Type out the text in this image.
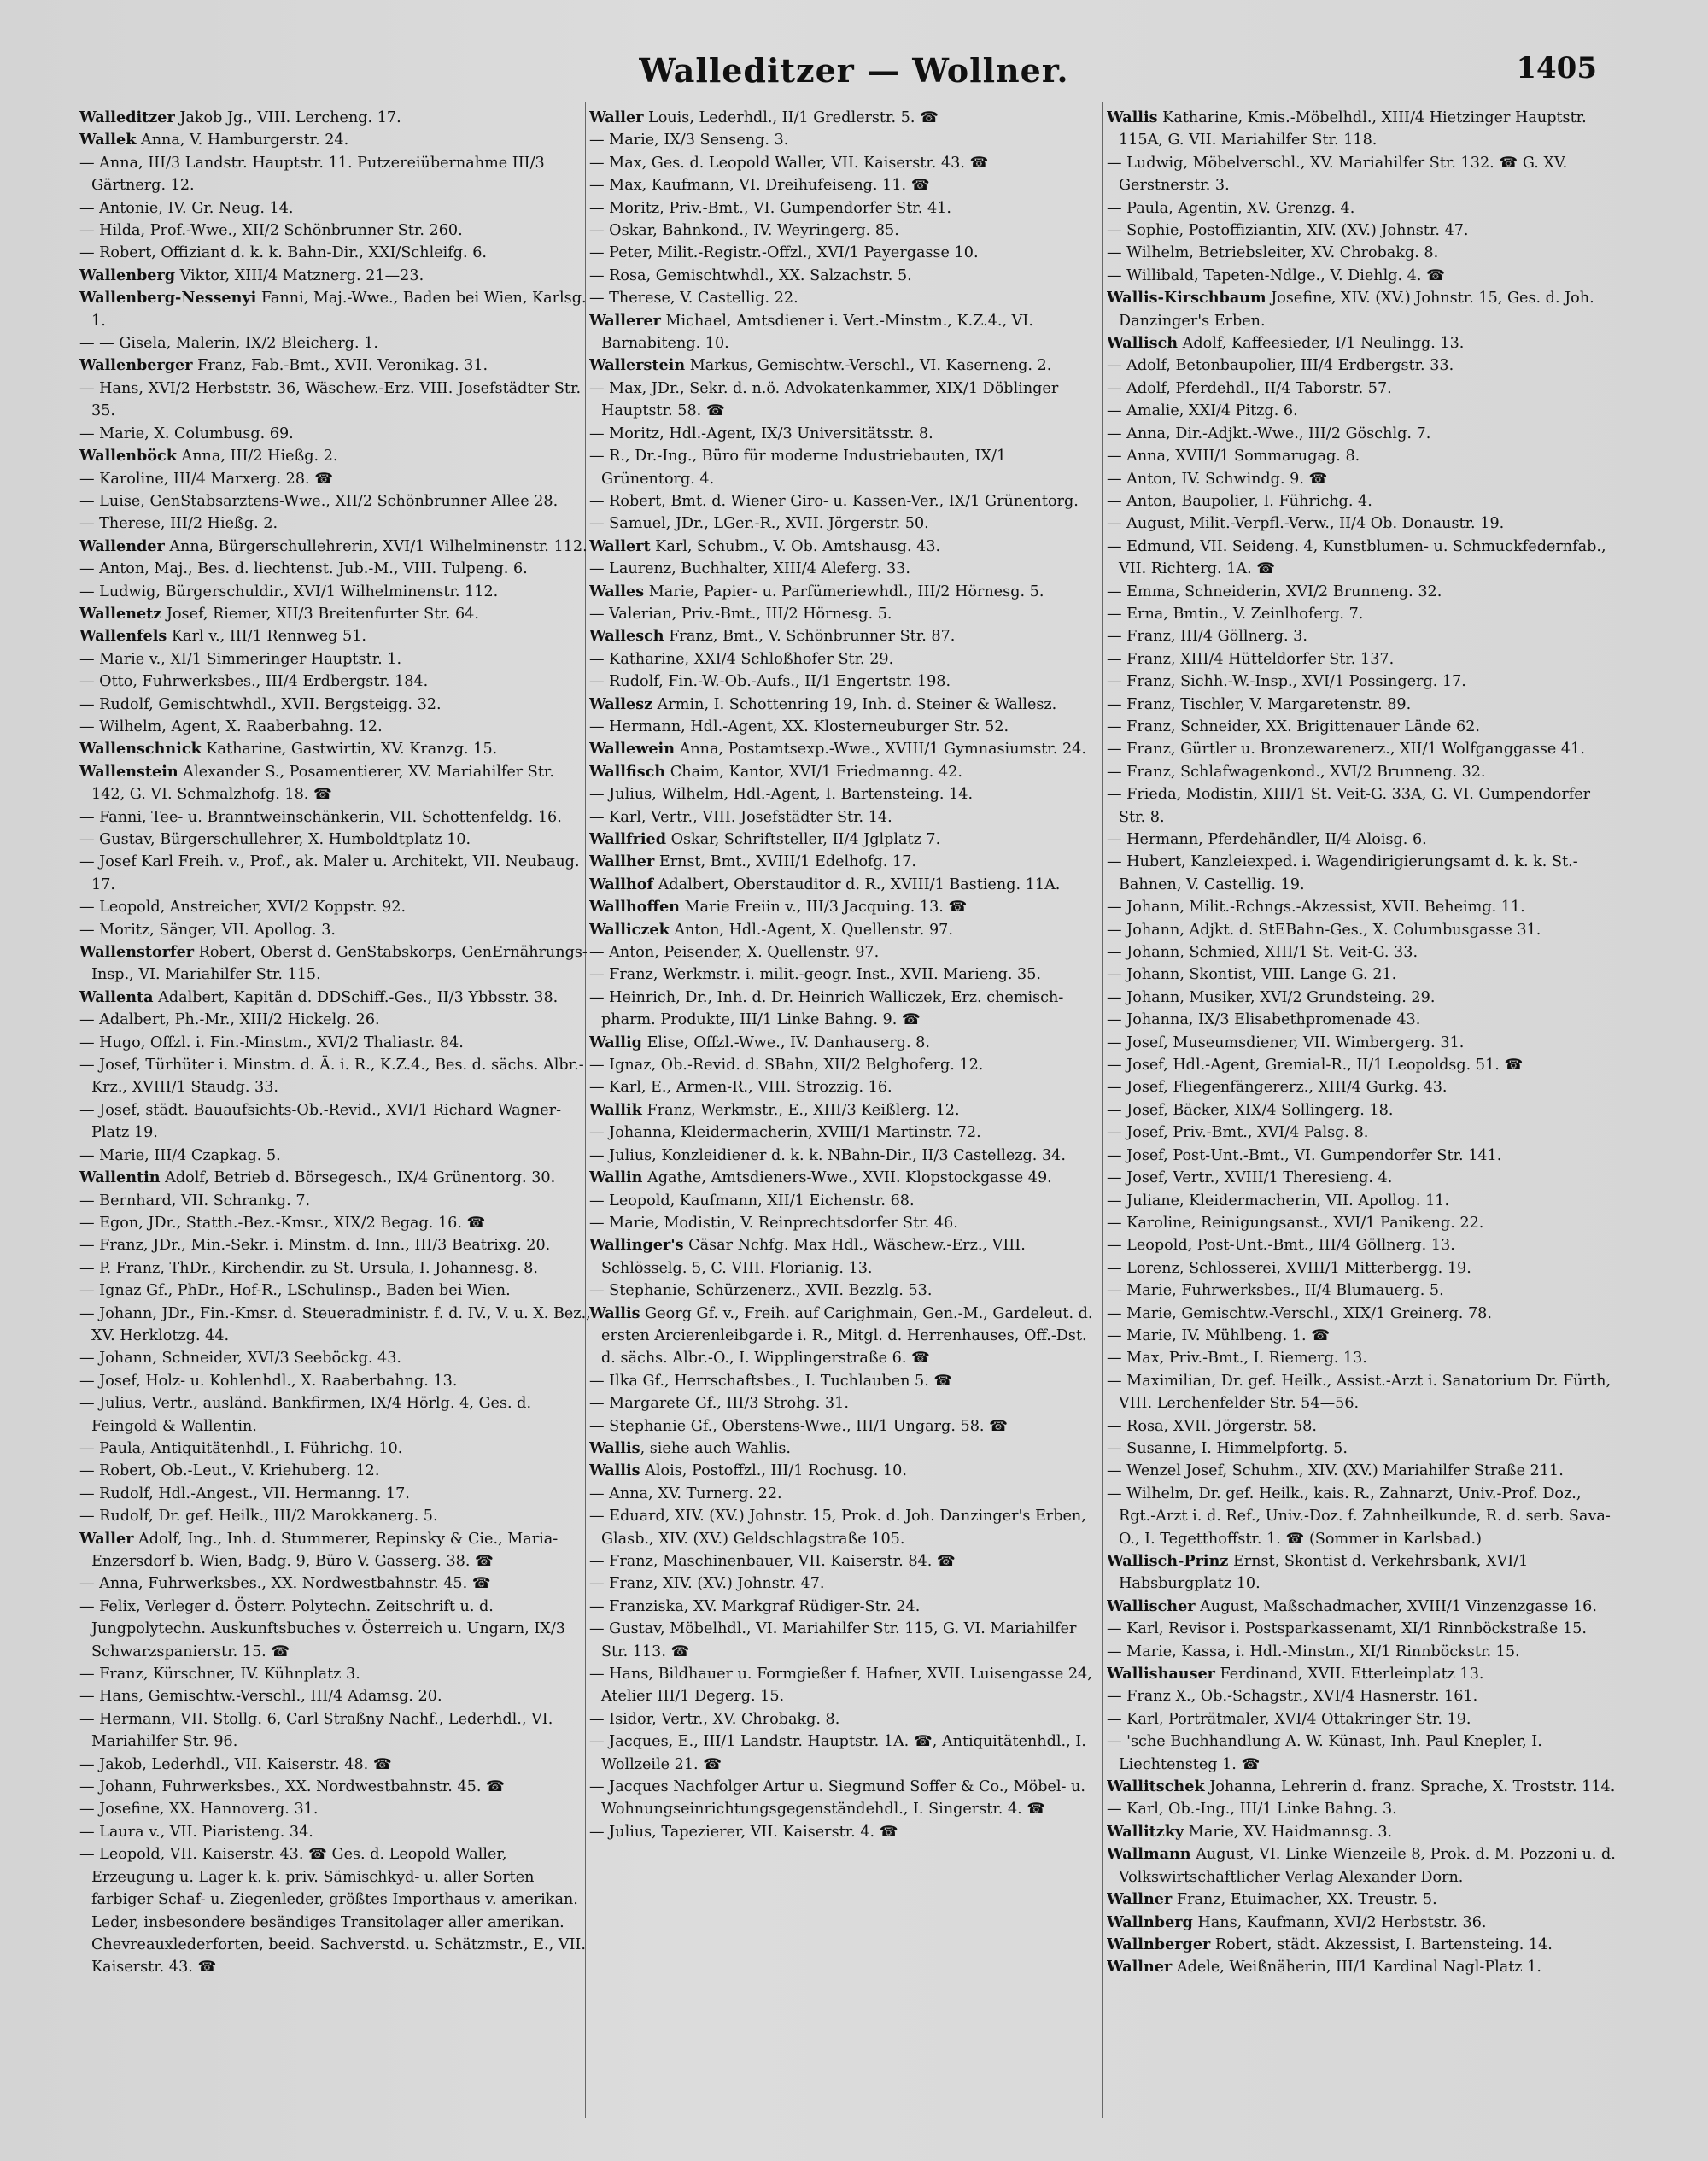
Walleditzer — Wollner.	1405

Walleditzer Jakob Jg., VIII. Lercheng. 17.

Wallek Anna, V. Hamburgerstr. 24.

— Anna, III/3 Landstr. Hauptstr. 11. Putzereiübernahme III/3 Gärtnerg. 12.

— Antonie, IV. Gr. Neug. 14.

— Hilda, Prof.-Wwe., XII/2 Schönbrunner Str. 260.

— Robert, Offiziant d. k. k. Bahn-Dir., XXI/Schleifg. 6.

Wallenberg Viktor, XIII/4 Matznerg. 21—23.

Wallenberg-Nessenyi Fanni, Maj.-Wwe., Baden bei Wien, Karlsg. 1.

— — Gisela, Malerin, IX/2 Bleicherg. 1.

Wallenberger Franz, Fab.-Bmt., XVII. Veronikag. 31.

— Hans, XVI/2 Herbststr. 36, Wäschew.-Erz. VIII. Josefstädter Str. 35.

— Marie, X. Columbusg. 69.

Wallenböck Anna, III/2 Hießg. 2.

— Karoline, III/4 Marxerg. 28. ☎

— Luise, GenStabsarztens-Wwe., XII/2 Schönbrunner Allee 28.

— Therese, III/2 Hießg. 2.

Wallender Anna, Bürgerschullehrerin, XVI/1 Wilhelminenstr. 112.

— Anton, Maj., Bes. d. liechtenst. Jub.-M., VIII. Tulpeng. 6.

— Ludwig, Bürgerschuldir., XVI/1 Wilhelminenstr. 112.

Wallenetz Josef, Riemer, XII/3 Breitenfurter Str. 64.

Wallenfels Karl v., III/1 Rennweg 51.

— Marie v., XI/1 Simmeringer Hauptstr. 1.

— Otto, Fuhrwerksbes., III/4 Erdbergstr. 184.

— Rudolf, Gemischtwhdl., XVII. Bergsteigg. 32.

— Wilhelm, Agent, X. Raaberbahng. 12.

Wallenschnick Katharine, Gastwirtin, XV. Kranzg. 15.

Wallenstein Alexander S., Posamentierer, XV. Mariahilfer Str. 142, G. VI. Schmalzhofg. 18. ☎

— Fanni, Tee- u. Branntweinschänkerin, VII. Schottenfeldg. 16.

— Gustav, Bürgerschullehrer, X. Humboldtplatz 10.

— Josef Karl Freih. v., Prof., ak. Maler u. Architekt, VII. Neubaug. 17.

— Leopold, Anstreicher, XVI/2 Koppstr. 92.

— Moritz, Sänger, VII. Apollog. 3.

Wallenstorfer Robert, Oberst d. GenStabskorps, GenErnährungs-Insp., VI. Mariahilfer Str. 115.

Wallenta Adalbert, Kapitän d. DDSchiff.-Ges., II/3 Ybbsstr. 38.

— Adalbert, Ph.-Mr., XIII/2 Hickelg. 26.

— Hugo, Offzl. i. Fin.-Minstm., XVI/2 Thaliastr. 84.

— Josef, Türhüter i. Minstm. d. Ä. i. R., K.Z.4., Bes. d. sächs. Albr.-Krz., XVIII/1 Staudg. 33.

— Josef, städt. Bauaufsichts-Ob.-Revid., XVI/1 Richard Wagner-Platz 19.

— Marie, III/4 Czapkag. 5.

Wallentin Adolf, Betrieb d. Börsegesch., IX/4 Grünentorg. 30.

— Bernhard, VII. Schrankg. 7.

— Egon, JDr., Statth.-Bez.-Kmsr., XIX/2 Begag. 16. ☎

— Franz, JDr., Min.-Sekr. i. Minstm. d. Inn., III/3 Beatrixg. 20.

— P. Franz, ThDr., Kirchendir. zu St. Ursula, I. Johannesg. 8.

— Ignaz Gf., PhDr., Hof-R., LSchulinsp., Baden bei Wien.

— Johann, JDr., Fin.-Kmsr. d. Steueradministr. f. d. IV., V. u. X. Bez., XV. Herklotzg. 44.

— Johann, Schneider, XVI/3 Seeböckg. 43.

— Josef, Holz- u. Kohlenhdl., X. Raaberbahng. 13.

— Julius, Vertr., ausländ. Bankfirmen, IX/4 Hörlg. 4, Ges. d. Feingold & Wallentin.

— Paula, Antiquitätenhdl., I. Führichg. 10.

— Robert, Ob.-Leut., V. Kriehuberg. 12.

— Rudolf, Hdl.-Angest., VII. Hermanng. 17.

— Rudolf, Dr. gef. Heilk., III/2 Marokkanerg. 5.

Waller Adolf, Ing., Inh. d. Stummerer, Repinsky & Cie., Maria-Enzersdorf b. Wien, Badg. 9, Büro V. Gasserg. 38. ☎

— Anna, Fuhrwerksbes., XX. Nordwestbahnstr. 45. ☎

— Felix, Verleger d. Österr. Polytechn. Zeitschrift u. d. Jungpolytechn. Auskunftsbuches v. Österreich u. Ungarn, IX/3 Schwarzspanierstr. 15. ☎

— Franz, Kürschner, IV. Kühnplatz 3.

— Hans, Gemischtw.-Verschl., III/4 Adamsg. 20.

— Hermann, VII. Stollg. 6, Carl Straßny Nachf., Lederhdl., VI. Mariahilfer Str. 96.

— Jakob, Lederhdl., VII. Kaiserstr. 48. ☎

— Johann, Fuhrwerksbes., XX. Nordwestbahnstr. 45. ☎

— Josefine, XX. Hannoverg. 31.

— Laura v., VII. Piaristeng. 34.

— Leopold, VII. Kaiserstr. 43. ☎ Ges. d. Leopold Waller, Erzeugung u. Lager k. k. priv. Sämischkyd- u. aller Sorten farbiger Schaf- u. Ziegenleder, größtes Importhaus v. amerikan. Leder, insbesondere besändiges Transitolager aller amerikan. Chevreauxlederforten, beeid. Sachverstd. u. Schätzmstr., E., VII. Kaiserstr. 43. ☎

Waller Louis, Lederhdl., II/1 Gredlerstr. 5. ☎

— Marie, IX/3 Senseng. 3.

— Max, Ges. d. Leopold Waller, VII. Kaiserstr. 43. ☎

— Max, Kaufmann, VI. Dreihufeiseng. 11. ☎

— Moritz, Priv.-Bmt., VI. Gumpendorfer Str. 41.

— Oskar, Bahnkond., IV. Weyringerg. 85.

— Peter, Milit.-Registr.-Offzl., XVI/1 Payergasse 10.

— Rosa, Gemischtwhdl., XX. Salzachstr. 5.

— Therese, V. Castellig. 22.

Wallerer Michael, Amtsdiener i. Vert.-Minstm., K.Z.4., VI. Barnabiteng. 10.

Wallerstein Markus, Gemischtw.-Verschl., VI. Kaserneng. 2.

— Max, JDr., Sekr. d. n.ö. Advokatenkammer, XIX/1 Döblinger Hauptstr. 58. ☎

— Moritz, Hdl.-Agent, IX/3 Universitätsstr. 8.

— R., Dr.-Ing., Büro für moderne Industriebauten, IX/1 Grünentorg. 4.

— Robert, Bmt. d. Wiener Giro- u. Kassen-Ver., IX/1 Grünentorg.

— Samuel, JDr., LGer.-R., XVII. Jörgerstr. 50.

Wallert Karl, Schubm., V. Ob. Amtshausg. 43.

— Laurenz, Buchhalter, XIII/4 Aleferg. 33.

Walles Marie, Papier- u. Parfümeriewhdl., III/2 Hörnesg. 5.

— Valerian, Priv.-Bmt., III/2 Hörnesg. 5.

Wallesch Franz, Bmt., V. Schönbrunner Str. 87.

— Katharine, XXI/4 Schloßhofer Str. 29.

— Rudolf, Fin.-W.-Ob.-Aufs., II/1 Engertstr. 198.

Wallesz Armin, I. Schottenring 19, Inh. d. Steiner & Wallesz.

— Hermann, Hdl.-Agent, XX. Klosterneuburger Str. 52.

Wallewein Anna, Postamtsexp.-Wwe., XVIII/1 Gymnasiumstr. 24.

Wallfisch Chaim, Kantor, XVI/1 Friedmanng. 42.

— Julius, Wilhelm, Hdl.-Agent, I. Bartensteing. 14.

— Karl, Vertr., VIII. Josefstädter Str. 14.

Wallfried Oskar, Schriftsteller, II/4 Jglplatz 7.

Wallher Ernst, Bmt., XVIII/1 Edelhofg. 17.

Wallhof Adalbert, Oberstauditor d. R., XVIII/1 Bastieng. 11A.

Wallhoffen Marie Freiin v., III/3 Jacquing. 13. ☎

Walliczek Anton, Hdl.-Agent, X. Quellenstr. 97.

— Anton, Peisender, X. Quellenstr. 97.

— Franz, Werkmstr. i. milit.-geogr. Inst., XVII. Marieng. 35.

— Heinrich, Dr., Inh. d. Dr. Heinrich Walliczek, Erz. chemisch-pharm. Produkte, III/1 Linke Bahng. 9. ☎

Wallig Elise, Offzl.-Wwe., IV. Danhauserg. 8.

— Ignaz, Ob.-Revid. d. SBahn, XII/2 Belghoferg. 12.

— Karl, E., Armen-R., VIII. Strozzig. 16.

Wallik Franz, Werkmstr., E., XIII/3 Keißlerg. 12.

— Johanna, Kleidermacherin, XVIII/1 Martinstr. 72.

— Julius, Konzleidiener d. k. k. NBahn-Dir., II/3 Castellezg. 34.

Wallin Agathe, Amtsdieners-Wwe., XVII. Klopstockgasse 49.

— Leopold, Kaufmann, XII/1 Eichenstr. 68.

— Marie, Modistin, V. Reinprechtsdorfer Str. 46.

Wallinger's Cäsar Nchfg. Max Hdl., Wäschew.-Erz., VIII. Schlösselg. 5, C. VIII. Florianig. 13.

— Stephanie, Schürzenerz., XVII. Bezzlg. 53.

Wallis Georg Gf. v., Freih. auf Carighmain, Gen.-M., Gardeleut. d. ersten Arcierenleibgarde i. R., Mitgl. d. Herrenhauses, Off.-Dst. d. sächs. Albr.-O., I. Wipplingerstraße 6. ☎

— Ilka Gf., Herrschaftsbes., I. Tuchlauben 5. ☎

— Margarete Gf., III/3 Strohg. 31.

— Stephanie Gf., Oberstens-Wwe., III/1 Ungarg. 58. ☎

Wallis, siehe auch Wahlis.

Wallis Alois, Postoffzl., III/1 Rochusg. 10.

— Anna, XV. Turnerg. 22.

— Eduard, XIV. (XV.) Johnstr. 15, Prok. d. Joh. Danzinger's Erben, Glasb., XIV. (XV.) Geldschlagstraße 105.

— Franz, Maschinenbauer, VII. Kaiserstr. 84. ☎

— Franz, XIV. (XV.) Johnstr. 47.

— Franziska, XV. Markgraf Rüdiger-Str. 24.

— Gustav, Möbelhdl., VI. Mariahilfer Str. 115, G. VI. Mariahilfer Str. 113. ☎

— Hans, Bildhauer u. Formgießer f. Hafner, XVII. Luisengasse 24, Atelier III/1 Degerg. 15.

— Isidor, Vertr., XV. Chrobakg. 8.

— Jacques, E., III/1 Landstr. Hauptstr. 1A. ☎, Antiquitätenhdl., I. Wollzeile 21. ☎

— Jacques Nachfolger Artur u. Siegmund Soffer & Co., Möbel- u. Wohnungseinrichtungsgegenständehdl., I. Singerstr. 4. ☎

— Julius, Tapezierer, VII. Kaiserstr. 4. ☎

Wallis Katharine, Kmis.-Möbelhdl., XIII/4 Hietzinger Hauptstr. 115A, G. VII. Mariahilfer Str. 118.

— Ludwig, Möbelverschl., XV. Mariahilfer Str. 132. ☎ G. XV. Gerstnerstr. 3.

— Paula, Agentin, XV. Grenzg. 4.

— Sophie, Postoffiziantin, XIV. (XV.) Johnstr. 47.

— Wilhelm, Betriebsleiter, XV. Chrobakg. 8.

— Willibald, Tapeten-Ndlge., V. Diehlg. 4. ☎

Wallis-Kirschbaum Josefine, XIV. (XV.) Johnstr. 15, Ges. d. Joh. Danzinger's Erben.

Wallisch Adolf, Kaffeesieder, I/1 Neulingg. 13.

— Adolf, Betonbaupolier, III/4 Erdbergstr. 33.

— Adolf, Pferdehdl., II/4 Taborstr. 57.

— Amalie, XXI/4 Pitzg. 6.

— Anna, Dir.-Adjkt.-Wwe., III/2 Göschlg. 7.

— Anna, XVIII/1 Sommarugag. 8.

— Anton, IV. Schwindg. 9. ☎

— Anton, Baupolier, I. Führichg. 4.

— August, Milit.-Verpfl.-Verw., II/4 Ob. Donaustr. 19.

— Edmund, VII. Seideng. 4, Kunstblumen- u. Schmuckfedernfab., VII. Richterg. 1A. ☎

— Emma, Schneiderin, XVI/2 Brunneng. 32.

— Erna, Bmtin., V. Zeinlhoferg. 7.

— Franz, III/4 Göllnerg. 3.

— Franz, XIII/4 Hütteldorfer Str. 137.

— Franz, Sichh.-W.-Insp., XVI/1 Possingerg. 17.

— Franz, Tischler, V. Margaretenstr. 89.

— Franz, Schneider, XX. Brigittenauer Lände 62.

— Franz, Gürtler u. Bronzewarenerz., XII/1 Wolfganggasse 41.

— Franz, Schlafwagenkond., XVI/2 Brunneng. 32.

— Frieda, Modistin, XIII/1 St. Veit-G. 33A, G. VI. Gumpendorfer Str. 8.

— Hermann, Pferdehändler, II/4 Aloisg. 6.

— Hubert, Kanzleiexped. i. Wagendirigierungsamt d. k. k. St.-Bahnen, V. Castellig. 19.

— Johann, Milit.-Rchngs.-Akzessist, XVII. Beheimg. 11.

— Johann, Adjkt. d. StEBahn-Ges., X. Columbusgasse 31.

— Johann, Schmied, XIII/1 St. Veit-G. 33.

— Johann, Skontist, VIII. Lange G. 21.

— Johann, Musiker, XVI/2 Grundsteing. 29.

— Johanna, IX/3 Elisabethpromenade 43.

— Josef, Museumsdiener, VII. Wimbergerg. 31.

— Josef, Hdl.-Agent, Gremial-R., II/1 Leopoldsg. 51. ☎

— Josef, Fliegenfängererz., XIII/4 Gurkg. 43.

— Josef, Bäcker, XIX/4 Sollingerg. 18.

— Josef, Priv.-Bmt., XVI/4 Palsg. 8.

— Josef, Post-Unt.-Bmt., VI. Gumpendorfer Str. 141.

— Josef, Vertr., XVIII/1 Theresieng. 4.

— Juliane, Kleidermacherin, VII. Apollog. 11.

— Karoline, Reinigungsanst., XVI/1 Panikeng. 22.

— Leopold, Post-Unt.-Bmt., III/4 Göllnerg. 13.

— Lorenz, Schlosserei, XVIII/1 Mitterbergg. 19.

— Marie, Fuhrwerksbes., II/4 Blumauerg. 5.

— Marie, Gemischtw.-Verschl., XIX/1 Greinerg. 78.

— Marie, IV. Mühlbeng. 1. ☎

— Max, Priv.-Bmt., I. Riemerg. 13.

— Maximilian, Dr. gef. Heilk., Assist.-Arzt i. Sanatorium Dr. Fürth, VIII. Lerchenfelder Str. 54—56.

— Rosa, XVII. Jörgerstr. 58.

— Susanne, I. Himmelpfortg. 5.

— Wenzel Josef, Schuhm., XIV. (XV.) Mariahilfer Straße 211.

— Wilhelm, Dr. gef. Heilk., kais. R., Zahnarzt, Univ.-Prof. Doz., Rgt.-Arzt i. d. Ref., Univ.-Doz. f. Zahnheilkunde, R. d. serb. Sava-O., I. Tegetthoffstr. 1. ☎ (Sommer in Karlsbad.)

Wallisch-Prinz Ernst, Skontist d. Verkehrsbank, XVI/1 Habsburgplatz 10.

Wallischer August, Maßschadmacher, XVIII/1 Vinzenzgasse 16.

— Karl, Revisor i. Postsparkassenamt, XI/1 Rinnböckstraße 15.

— Marie, Kassa, i. Hdl.-Minstm., XI/1 Rinnböckstr. 15.

Wallishauser Ferdinand, XVII. Etterleinplatz 13.

— Franz X., Ob.-Schagstr., XVI/4 Hasnerstr. 161.

— Karl, Porträtmaler, XVI/4 Ottakringer Str. 19.

— 'sche Buchhandlung A. W. Künast, Inh. Paul Knepler, I. Liechtensteg 1. ☎

Wallitschek Johanna, Lehrerin d. franz. Sprache, X. Troststr. 114.

— Karl, Ob.-Ing., III/1 Linke Bahng. 3.

Wallitzky Marie, XV. Haidmannsg. 3.

Wallmann August, VI. Linke Wienzeile 8, Prok. d. M. Pozzoni u. d. Volkswirtschaftlicher Verlag Alexander Dorn.

Wallner Franz, Etuimacher, XX. Treustr. 5.

Wallnberg Hans, Kaufmann, XVI/2 Herbststr. 36.

Wallnberger Robert, städt. Akzessist, I. Bartensteing. 14.

Wallner Adele, Weißnäherin, III/1 Kardinal Nagl-Platz 1.
